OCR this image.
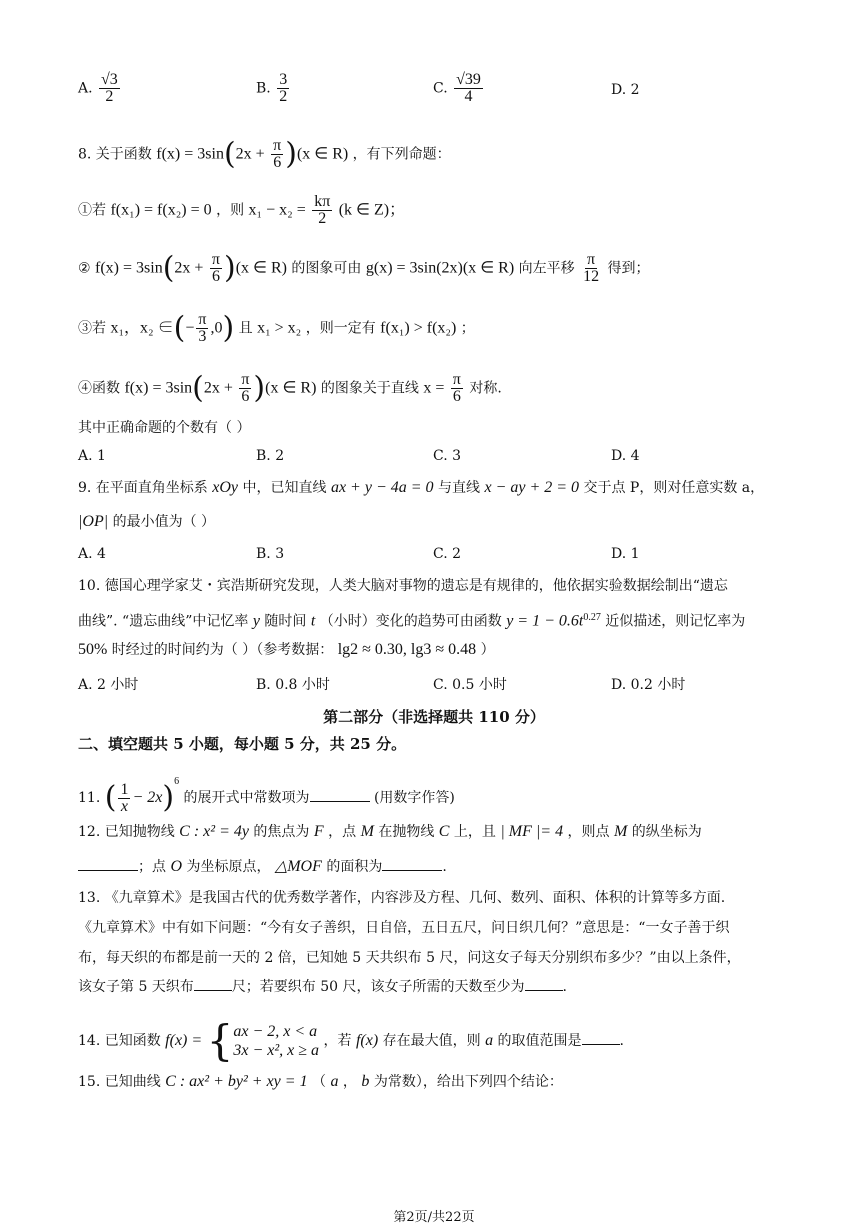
A. $\frac{√3}{2}$	B. $\frac{3}{2}$	C. $\frac{√39}{4}$	D. 2
8. 关于函数 $f(x) = 3\sin(2x + \frac{\pi}{6} )(x$ ∈ R) ，有下列命题：
①若 f(x₁) = f(x₂) = 0 ，则 $x_1 - x_2 = \frac{k\pi}{2} (k$ ∈ Z)；
② $f(x) = 3\sin(2x + \frac{\pi}{6} )(x$ ∈ R) 的图象可由 g(x) = 3sin(2x)(x ∈ R) 向左平移 $\frac{\pi}{12}$ 得到；
③若 x₁，x₂ ∈(− $\frac{\pi}{3} ,0$) 且 x₁ > x₂ ，则一定有 f(x₁) > f(x₂) ；
④函数 $f(x) = 3\sin(2x + \frac{\pi}{6} )(x$ ∈ R) 的图象关于直线 $x = \frac{\pi}{6}$ 对称.
其中正确命题的个数有（ ）
A. 1	B. 2	C. 3	D. 4
9. 在平面直角坐标系 xOy 中，已知直线 ax + y − 4a = 0 与直线 x − ay + 2 = 0 交于点 P，则对任意实数 a，
|OP| 的最小值为（ ）
A. 4	B. 3	C. 2	D. 1
10. 德国心理学家艾・宾浩斯研究发现，人类大脑对事物的遗忘是有规律的，他依据实验数据绘制出“遗忘
曲线”. “遗忘曲线”中记忆率 y 随时间 t （小时）变化的趋势可由函数 $y = 1 - 0.6t^{0.27}$ 近似描述，则记忆率为
50% 时经过的时间约为（ ）（参考数据： lg2 ≈ 0.30, lg3 ≈ 0.48 ）
A. 2 小时	B. 0.8 小时	C. 0.5 小时	D. 0.2 小时
第二部分（非选择题共 110 分）
二、填空题共 5 小题，每小题 5 分，共 25 分。
11. ( $\frac{1}{x} - 2x)^6$ 的展开式中常数项为	(用数字作答)
12. 已知抛物线 C : x² = 4y 的焦点为 F ，点 M 在抛物线 C 上，且 | MF |= 4 ，则点 M 的纵坐标为
；点 O 为坐标原点， △MOF 的面积为	.
13. 《九章算术》是我国古代的优秀数学著作，内容涉及方程、几何、数列、面积、体积的计算等多方面.
《九章算术》中有如下问题：“今有女子善织，日自倍，五日五尺，问日织几何？”意思是：“一女子善于织
布，每天织的布都是前一天的 2 倍，已知她 5 天共织布 5 尺，问这女子每天分别织布多少？”由以上条件，
该女子第 5 天织布	尺；若要织布 50 尺，该女子所需的天数至少为	.
14. 已知函数 f(x) = { ax − 2, x < a
3x − x², x ≥ a
，若 f(x) 存在最大值，则 a 的取值范围是	.
15. 已知曲线 C : ax² + by² + xy = 1 （ a ， b 为常数），给出下列四个结论：
第2页/共22页
